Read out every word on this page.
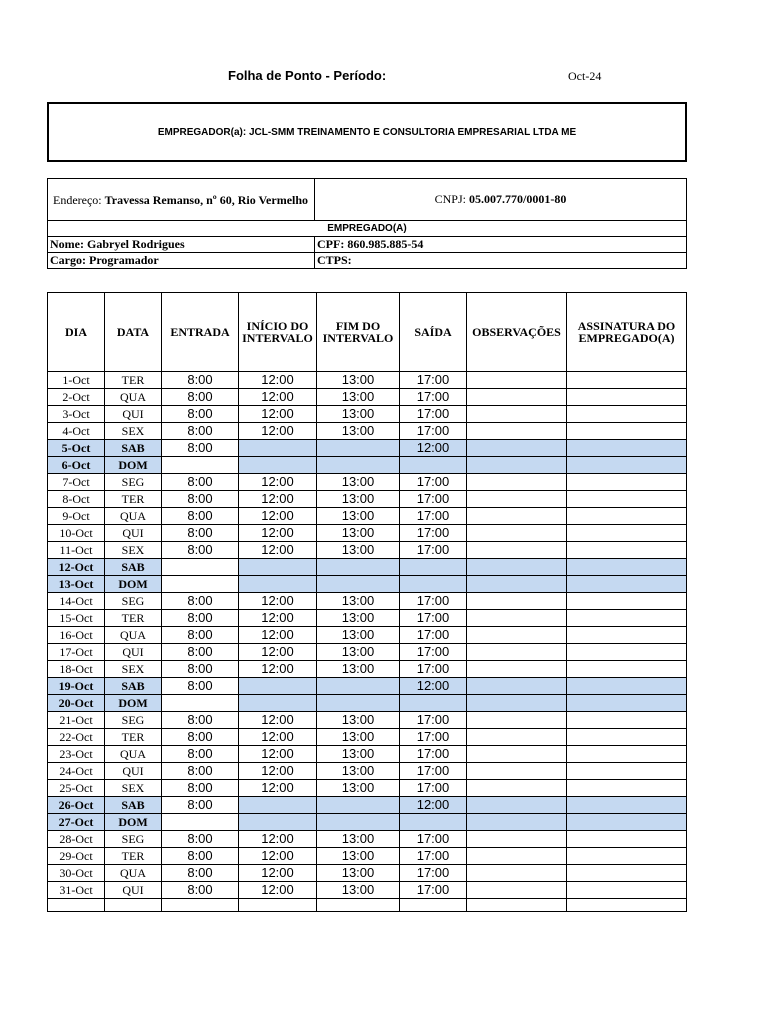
Folha de Ponto - Período:	Oct-24
EMPREGADOR(a): JCL-SMM TREINAMENTO E CONSULTORIA EMPRESARIAL LTDA ME
Endereço: Travessa Remanso, nº 60, Rio Vermelho	CNPJ: 05.007.770/0001-80
EMPREGADO(A)	
Nome: Gabryel Rodrigues	CPF: 860.985.885-54
Cargo: Programador	CTPS:
DIA	DATA	ENTRADA	INÍCIO DO INTERVALO	FIM DO INTERVALO	SAÍDA	OBSERVAÇÕES	ASSINATURA DO EMPREGADO(A)
1-Oct	TER	8:00	12:00	13:00	17:00		
2-Oct	QUA	8:00	12:00	13:00	17:00		
3-Oct	QUI	8:00	12:00	13:00	17:00		
4-Oct	SEX	8:00	12:00	13:00	17:00		
5-Oct	SAB	8:00			12:00		
6-Oct	DOM						
7-Oct	SEG	8:00	12:00	13:00	17:00		
8-Oct	TER	8:00	12:00	13:00	17:00		
9-Oct	QUA	8:00	12:00	13:00	17:00		
10-Oct	QUI	8:00	12:00	13:00	17:00		
11-Oct	SEX	8:00	12:00	13:00	17:00		
12-Oct	SAB						
13-Oct	DOM						
14-Oct	SEG	8:00	12:00	13:00	17:00		
15-Oct	TER	8:00	12:00	13:00	17:00		
16-Oct	QUA	8:00	12:00	13:00	17:00		
17-Oct	QUI	8:00	12:00	13:00	17:00		
18-Oct	SEX	8:00	12:00	13:00	17:00		
19-Oct	SAB	8:00			12:00		
20-Oct	DOM						
21-Oct	SEG	8:00	12:00	13:00	17:00		
22-Oct	TER	8:00	12:00	13:00	17:00		
23-Oct	QUA	8:00	12:00	13:00	17:00		
24-Oct	QUI	8:00	12:00	13:00	17:00		
25-Oct	SEX	8:00	12:00	13:00	17:00		
26-Oct	SAB	8:00			12:00		
27-Oct	DOM						
28-Oct	SEG	8:00	12:00	13:00	17:00		
29-Oct	TER	8:00	12:00	13:00	17:00		
30-Oct	QUA	8:00	12:00	13:00	17:00		
31-Oct	QUI	8:00	12:00	13:00	17:00		
